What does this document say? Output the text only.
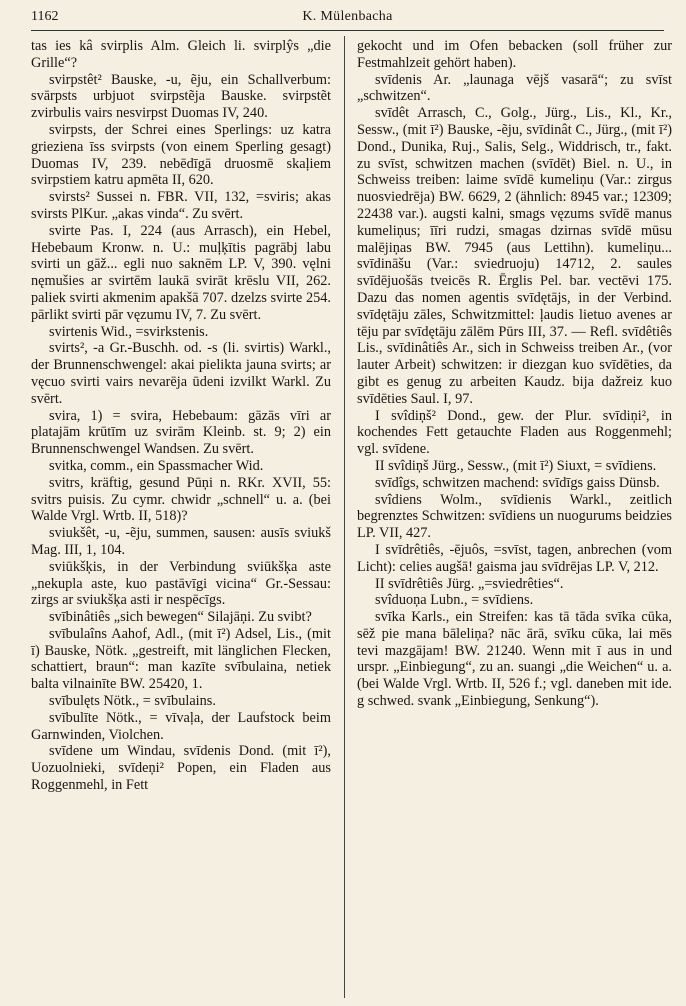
1162	K. Mülenbacha

tas ies kâ svirplis Alm. Gleich li. svirplŷs „die Grille“?

svirpstêt² Bauske, -u, ẽju, ein Schallverbum: svārpsts urbjuot svirpstẽja Bauske. svirpstẽt zvirbulis vairs nesvirpst Duomas IV, 240.

svirpsts, der Schrei eines Sperlings: uz katra grieziena īss svirpsts (von einem Sperling gesagt) Duomas IV, 239. nebēdīgā druosmē skaļiem svirpstiem katru apmēta II, 620.

svirsts² Sussei n. FBR. VII, 132, =sviris; akas svirsts PlKur. „akas vinda“. Zu svērt.

svirte Pas. I, 224 (aus Arrasch), ein Hebel, Hebebaum Kronw. n. U.: muļķītis pagrābj labu svirti un gāž... egli nuo saknēm LP. V, 390. vęlni nęmušies ar svirtēm laukā svirāt krēslu VII, 262. paliek svirti akmenim apakšā 707. dzelzs svirte 254. pārlikt svirti pār vęzumu IV, 7. Zu svērt.

svirtenis Wid., =svirkstenis.

svirts², -a Gr.-Buschh. od. -s (li. svirtis) Warkl., der Brunnenschwengel: akai pielikta jauna svirts; ar vęcuo svirti vairs nevarēja ūdeni izvilkt Warkl. Zu svērt.

svira, 1) = svira, Hebebaum: gāzās vīri ar platajām krūtīm uz svirām Kleinb. st. 9; 2) ein Brunnenschwengel Wandsen. Zu svērt.

svitka, comm., ein Spassmacher Wid.

svitrs, kräftig, gesund Pūņi n. RKr. XVII, 55: svitrs puisis. Zu cymr. chwidr „schnell“ u. a. (bei Walde Vrgl. Wrtb. II, 518)?

sviukšêt, -u, -ẽju, summen, sausen: ausīs sviukš Mag. III, 1, 104.

sviūkšķis, in der Verbindung sviūkšķa aste „nekupla aste, kuo pastāvīgi vicina“ Gr.-Sessau: zirgs ar sviukšķa asti ir nespēcīgs.

svībinâtiês „sich bewegen“ Silajāņi. Zu svibt?

svībulaîns Aahof, Adl., (mit ī²) Adsel, Lis., (mit ī) Bauske, Nötk. „gestreift, mit länglichen Flecken, schattiert, braun“: man kazīte svībulaina, netiek balta vilnainīte BW. 25420, 1.

svībulęts Nötk., = svībulains.

svībulīte Nötk., = vīvaļa, der Laufstock beim Garnwinden, Violchen.

svīdene um Windau, svīdenis Dond. (mit ī²), Uozuolnieki, svīdeņi² Popen, ein Fladen aus Roggenmehl, in Fett

gekocht und im Ofen bebacken (soll früher zur Festmahlzeit gehört haben).

svīdenis Ar. „launaga vējš vasarā“; zu svīst „schwitzen“.

svīdêt Arrasch, C., Golg., Jürg., Lis., Kl., Kr., Sessw., (mit ī²) Bauske, -ẽju, svīdinât C., Jürg., (mit ī²) Dond., Dunika, Ruj., Salis, Selg., Widdrisch, tr., fakt. zu svīst, schwitzen machen (svīdēt) Biel. n. U., in Schweiss treiben: laime svīdē kumeliņu (Var.: zirgus nuosviedrēja) BW. 6629, 2 (ähnlich: 8945 var.; 12309; 22438 var.). augsti kalni, smags vęzums svīdē manus kumeliņus; īīri rudzi, smagas dzirnas svīdē mūsu malējiņas BW. 7945 (aus Lettihn). kumeliņu... svīdināšu (Var.: sviedruoju) 14712, 2. saules svīdējuošās tveicēs R. Ērglis Pel. bar. vectēvi 175. Dazu das nomen agentis svīdętājs, in der Verbind. svīdętāju zāles, Schwitzmittel: ļaudis lietuo avenes ar tēju par svīdętāju zālēm Pūrs III, 37. — Refl. svīdêtiês Lis., svīdinâtiês Ar., sich in Schweiss treiben Ar., (vor lauter Arbeit) schwitzen: ir diezgan kuo svīdēties, da gibt es genug zu arbeiten Kaudz. bija dažreiz kuo svīdēties Saul. I, 97.

I svîdiņš² Dond., gew. der Plur. svīdiņi², in kochendes Fett getauchte Fladen aus Roggenmehl; vgl. svīdene.

II svîdiņš Jürg., Sessw., (mit ī²) Siuxt, = svīdiens.

svīdîgs, schwitzen machend: svīdīgs gaiss Dünsb.

svîdiens Wolm., svīdienis Warkl., zeitlich begrenztes Schwitzen: svīdiens un nuogurums beidzies LP. VII, 427.

I svīdrêtiês, -ējuôs, =svīst, tagen, anbrechen (vom Licht): celies augšā! gaisma jau svīdrējas LP. V, 212.

II svīdrêtiês Jürg. „=sviedrêties“.

svîduoņa Lubn., = svīdiens.

svīka Karls., ein Streifen: kas tā tāda svīka cūka, sēž pie mana bāleliņa? nāc ārā, svīku cūka, lai mēs tevi mazgājam! BW. 21240. Wenn mit ī aus in und urspr. „Einbiegung“, zu an. suangi „die Weichen“ u. a. (bei Walde Vrgl. Wrtb. II, 526 f.; vgl. daneben mit ide. g schwed. svank „Einbiegung, Senkung“).
